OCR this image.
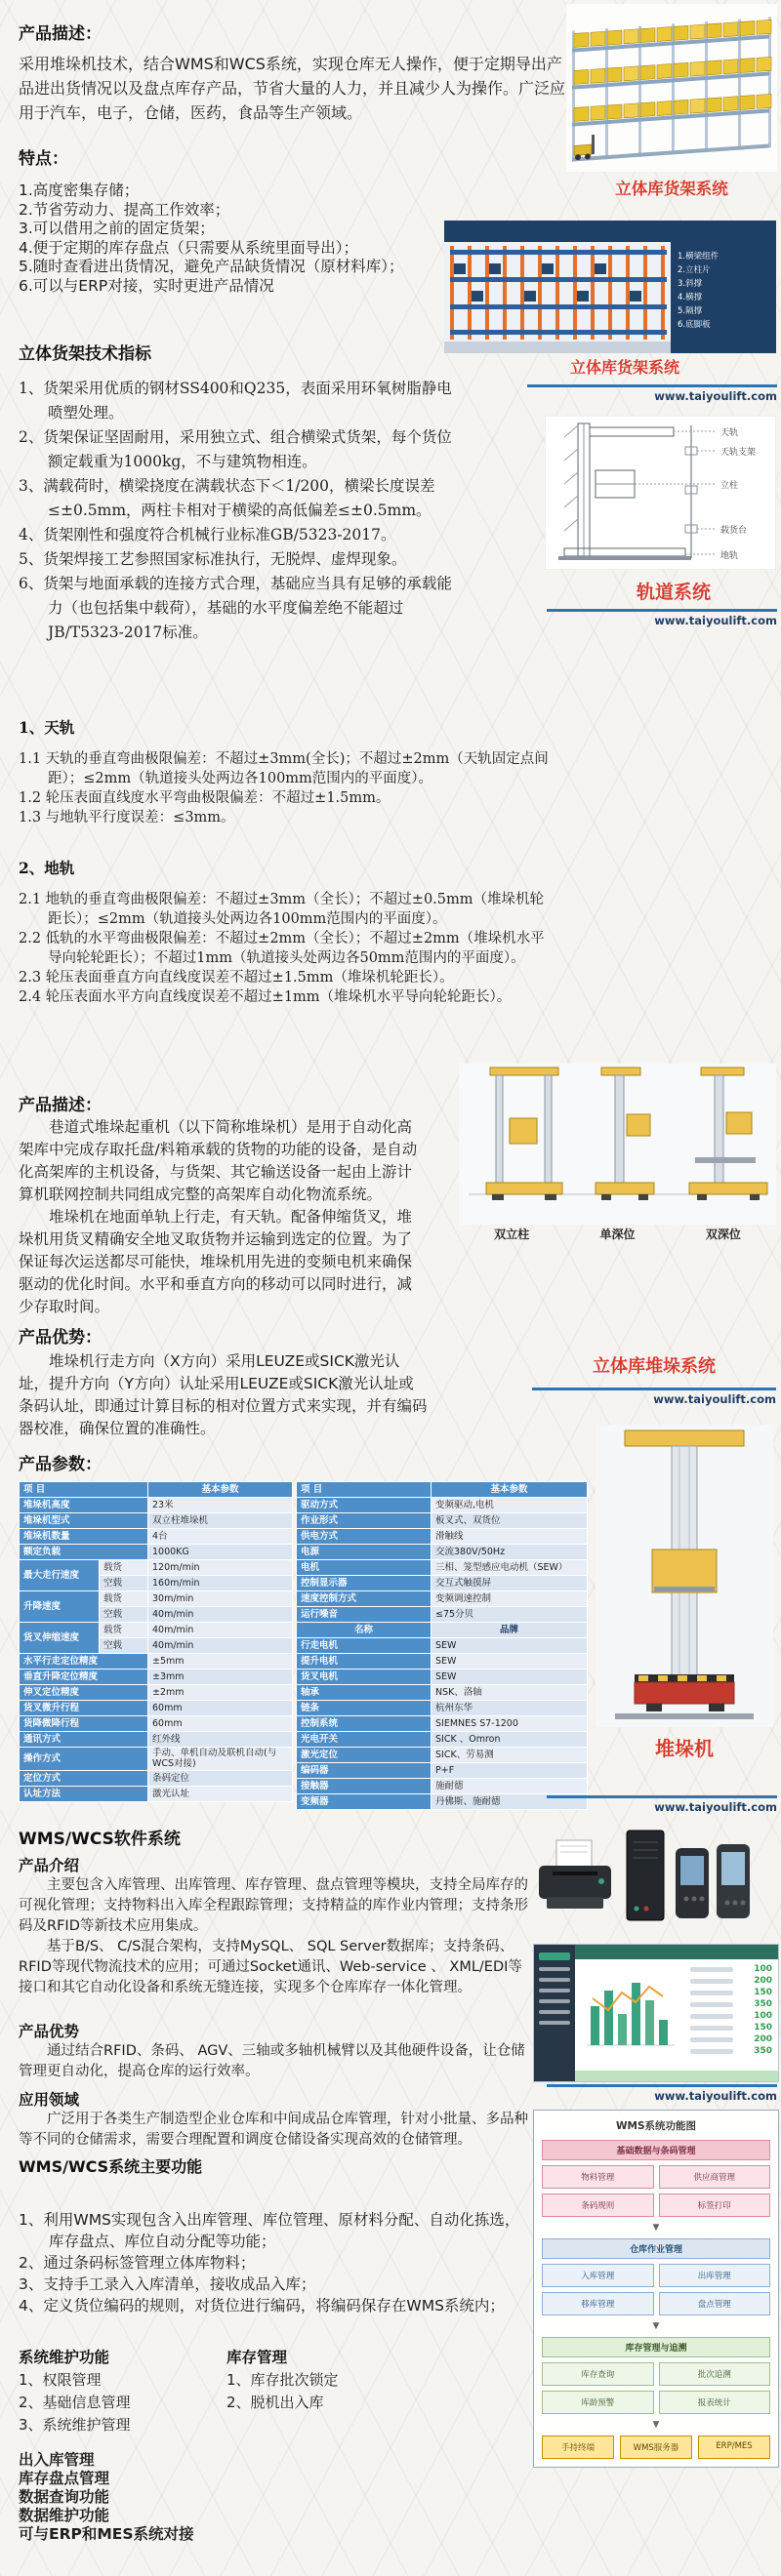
产品描述：
采用堆垛机技术，结合WMS和WCS系统，实现仓库无人操作，便于定期导出产品进出货情况以及盘点库存产品，节省大量的人力，并且减少人为操作。广泛应用于汽车，电子，仓储，医药，食品等生产领域。
特点：
1.高度密集存储；
2.节省劳动力、提高工作效率；
3.可以借用之前的固定货架；
4.便于定期的库存盘点（只需要从系统里面导出）；
5.随时查看进出货情况，避免产品缺货情况（原材料库）；
6.可以与ERP对接，实时更进产品情况
立体库货架系统
立体货架技术指标
1、货架采用优质的钢材SS400和Q235，表面采用环氧树脂静电喷塑处理。
2、货架保证坚固耐用，采用独立式、组合横梁式货架，每个货位额定载重为1000kg，不与建筑物相连。
3、满载荷时，横梁挠度在满载状态下＜1/200，横梁长度误差≤±0.5mm，两柱卡相对于横梁的高低偏差≤±0.5mm。
4、货架刚性和强度符合机械行业标准GB/5323-2017。
5、货架焊接工艺参照国家标准执行，无脱焊、虚焊现象。
6、货架与地面承载的连接方式合理，基础应当具有足够的承载能力（也包括集中载荷），基础的水平度偏差绝不能超过JB/T5323-2017标准。
1.横梁组件
2.立柱片
3.斜撑
4.横撑
5.隔撑
6.底脚板
立体库货架系统
www.taiyoulift.com
1、天轨
1.1 天轨的垂直弯曲极限偏差：不超过±3mm(全长)；不超过±2mm（天轨固定点间距）；≤2mm（轨道接头处两边各100mm范围内的平面度）。
1.2 轮压表面直线度水平弯曲极限偏差：不超过±1.5mm。
1.3 与地轨平行度误差：≤3mm。
2、地轨
2.1 地轨的垂直弯曲极限偏差：不超过±3mm（全长）；不超过±0.5mm（堆垛机轮距长）；≤2mm（轨道接头处两边各100mm范围内的平面度）。
2.2 低轨的水平弯曲极限偏差：不超过±2mm（全长）；不超过±2mm（堆垛机水平导向轮轮距长）；不超过1mm（轨道接头处两边各50mm范围内的平面度）。
2.3 轮压表面垂直方向直线度误差不超过±1.5mm（堆垛机轮距长）。
2.4 轮压表面水平方向直线度误差不超过±1mm（堆垛机水平导向轮轮距长）。
天轨
天轨支架
立柱
载货台
地轨
轨道系统
www.taiyoulift.com
产品描述：

巷道式堆垛起重机（以下简称堆垛机）是用于自动化高架库中完成存取托盘/料箱承载的货物的功能的设备，是自动化高架库的主机设备，与货架、其它输送设备一起由上游计算机联网控制共同组成完整的高架库自动化物流系统。

堆垛机在地面单轨上行走，有天轨。配备伸缩货叉，堆垛机用货叉精确安全地叉取货物并运输到选定的位置。为了保证每次运送都尽可能快，堆垛机用先进的变频电机来确保驱动的优化时间。水平和垂直方向的移动可以同时进行，减少存取时间。

双立柱	单深位	双深位
产品优势：
堆垛机行走方向（X方向）采用LEUZE或SICK激光认址，提升方向（Y方向）认址采用LEUZE或SICK激光认址或条码认址，即通过计算目标的相对位置方式来实现，并有编码器校准，确保位置的准确性。
立体库堆垛系统
www.taiyoulift.com
产品参数：
项 目		基本参数
堆垛机高度		23米
堆垛机型式		双立柱堆垛机
堆垛机数量		4台
额定负载		1000KG
最大走行速度	载货	120m/min
	空载	160m/min
升降速度	载货	30m/min
	空载	40m/min
货叉伸缩速度	载货	40m/min
	空载	40m/min
水平行走定位精度		±5mm
垂直升降定位精度		±3mm
伸叉定位精度		±2mm
货叉微升行程		60mm
货降微降行程		60mm
通讯方式		红外线
操作方式		手动、单机自动及联机自动(与WCS对接)
定位方式		条码定位
认址方法		激光认址
项 目	基本参数
驱动方式	变频驱动,电机
作业形式	板叉式、双货位
供电方式	滑触线
电源	交流380V/50Hz
电机	三相、笼型感应电动机（SEW）
控制显示器	交互式触摸屏
速度控制方式	变频调速控制
运行噪音	≤75分贝
名称	品牌
行走电机	SEW
提升电机	SEW
货叉电机	SEW
轴承	NSK、洛轴
链条	杭州东华
控制系统	SIEMNES S7-1200
光电开关	SICK 、Omron
激光定位	SICK、劳易测
编码器	P+F
接触器	施耐德
变频器	丹佛斯、施耐德
堆垛机
www.taiyoulift.com
WMS/WCS软件系统
产品介绍

主要包含入库管理、出库管理、库存管理、盘点管理等模块，支持全局库存的可视化管理；支持物料出入库全程跟踪管理；支持精益的库作业内管理；支持条形码及RFID等新技术应用集成。

基于B/S、 C/S混合架构，支持MySQL、 SQL Server数据库；支持条码、 RFID等现代物流技术的应用；可通过Socket通讯、Web-service 、 XML/EDI等接口和其它自动化设备和系统无缝连接，实现多个仓库库存一体化管理。

产品优势
通过结合RFID、条码、 AGV、三轴或多轴机械臂以及其他硬件设备，让仓储管理更自动化，提高仓库的运行效率。
应用领域
广泛用于各类生产制造型企业仓库和中间成品仓库管理，针对小批量、多品种等不同的仓储需求，需要合理配置和调度仓储设备实现高效的仓储管理。
100
200
150
350
100
150
200
350
www.taiyoulift.com
WMS/WCS系统主要功能
1、利用WMS实现包含入出库管理、库位管理、原材料分配、自动化拣选，库存盘点、库位自动分配等功能；
2、通过条码标签管理立体库物料；
3、支持手工录入入库清单，接收成品入库；
4、定义货位编码的规则，对货位进行编码，将编码保存在WMS系统内；
系统维护功能
1、权限管理
2、基础信息管理
3、系统维护管理
库存管理
1、库存批次锁定
2、脱机出入库
出入库管理
库存盘点管理
数据查询功能
数据维护功能
可与ERP和MES系统对接
WMS系统功能图
基础数据与条码管理
物料管理	供应商管理
条码规则	标签打印
▼
仓库作业管理
入库管理	出库管理
移库管理	盘点管理
▼
库存管理与追溯
库存查询	批次追溯
库龄预警	报表统计
▼
手持终端	WMS服务器	ERP/MES
